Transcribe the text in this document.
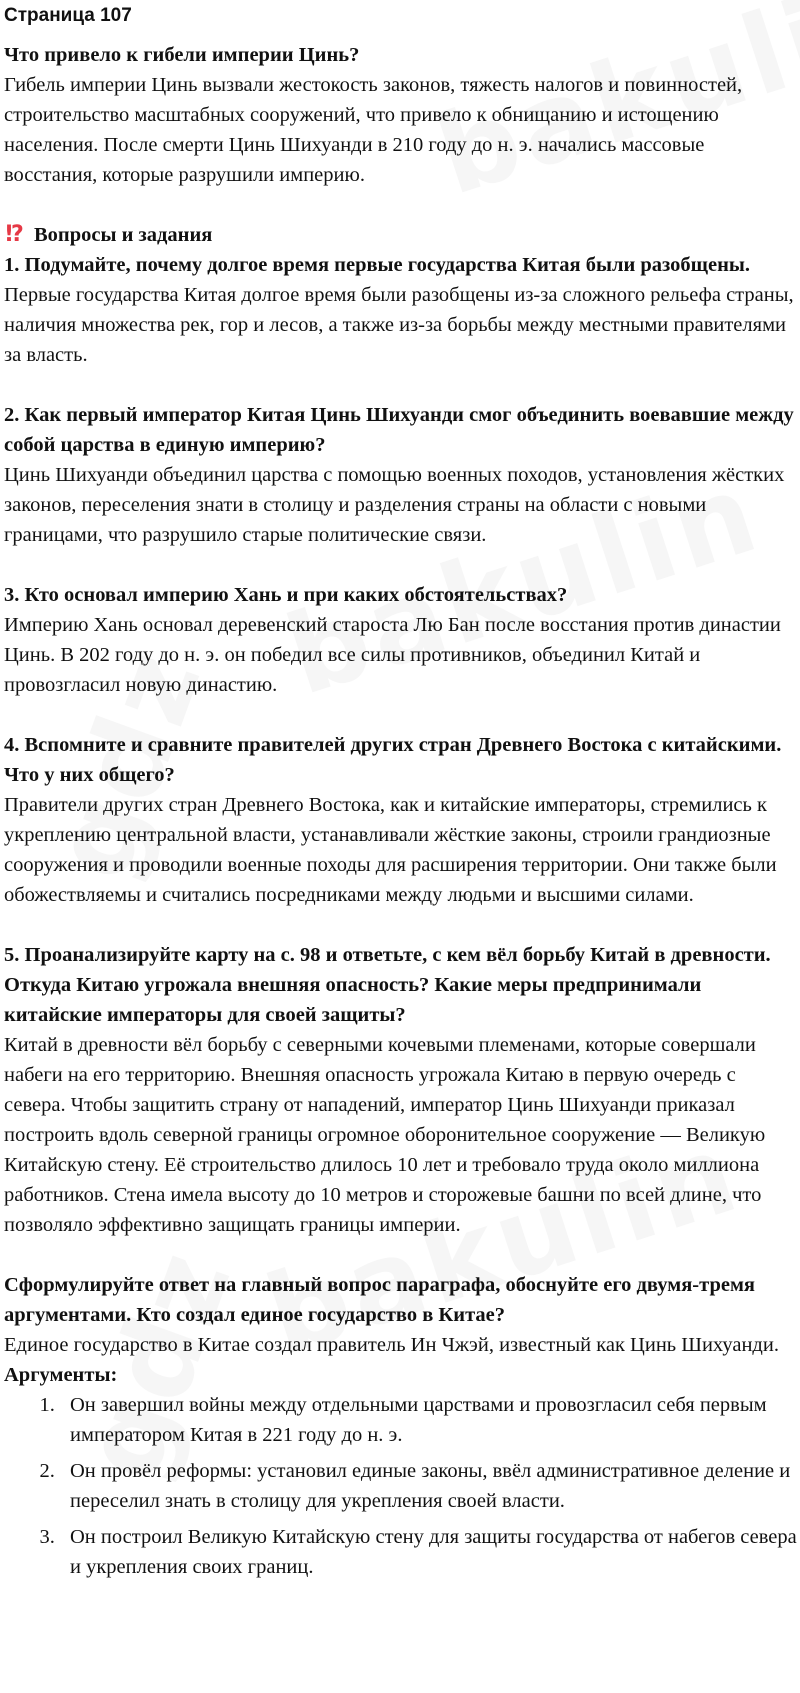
Страница 107

Что привело к гибели империи Цинь?

Гибель империи Цинь вызвали жестокость законов, тяжесть налогов и повинностей, строительство масштабных сооружений, что привело к обнищанию и истощению населения. После смерти Цинь Шихуанди в 210 году до н. э. начались массовые восстания, которые разрушили империю.

!? Вопросы и задания

1. Подумайте, почему долгое время первые государства Китая были разобщены.

Первые государства Китая долгое время были разобщены из-за сложного рельефа страны, наличия множества рек, гор и лесов, а также из-за борьбы между местными правителями за власть.

2. Как первый император Китая Цинь Шихуанди смог объединить воевавшие между собой царства в единую империю?

Цинь Шихуанди объединил царства с помощью военных походов, установления жёстких законов, переселения знати в столицу и разделения страны на области с новыми границами, что разрушило старые политические связи.

3. Кто основал империю Хань и при каких обстоятельствах?

Империю Хань основал деревенский староста Лю Бан после восстания против династии Цинь. В 202 году до н. э. он победил все силы противников, объединил Китай и провозгласил новую династию.

4. Вспомните и сравните правителей других стран Древнего Востока с китайскими. Что у них общего?

Правители других стран Древнего Востока, как и китайские императоры, стремились к укреплению центральной власти, устанавливали жёсткие законы, строили грандиозные сооружения и проводили военные походы для расширения территории. Они также были обожествляемы и считались посредниками между людьми и высшими силами.

5. Проанализируйте карту на с. 98 и ответьте, с кем вёл борьбу Китай в древности. Откуда Китаю угрожала внешняя опасность? Какие меры предпринимали китайские императоры для своей защиты?

Китай в древности вёл борьбу с северными кочевыми племенами, которые совершали набеги на его территорию. Внешняя опасность угрожала Китаю в первую очередь с севера. Чтобы защитить страну от нападений, император Цинь Шихуанди приказал построить вдоль северной границы огромное оборонительное сооружение — Великую Китайскую стену. Её строительство длилось 10 лет и требовало труда около миллиона работников. Стена имела высоту до 10 метров и сторожевые башни по всей длине, что позволяло эффективно защищать границы империи.

Сформулируйте ответ на главный вопрос параграфа, обоснуйте его двумя-тремя аргументами. Кто создал единое государство в Китае?

Единое государство в Китае создал правитель Ин Чжэй, известный как Цинь Шихуанди.

Аргументы:

1. Он завершил войны между отдельными царствами и провозгласил себя первым императором Китая в 221 году до н. э.
2. Он провёл реформы: установил единые законы, ввёл административное деление и переселил знать в столицу для укрепления своей власти.
3. Он построил Великую Китайскую стену для защиты государства от набегов севера и укрепления своих границ.
